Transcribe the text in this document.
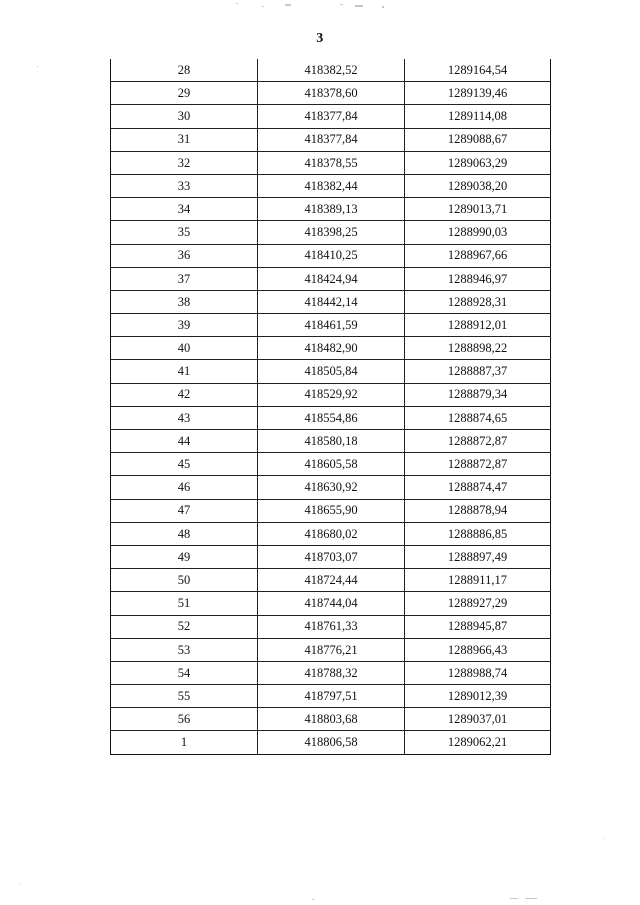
3
28	418382,52	1289164,54
29	418378,60	1289139,46
30	418377,84	1289114,08
31	418377,84	1289088,67
32	418378,55	1289063,29
33	418382,44	1289038,20
34	418389,13	1289013,71
35	418398,25	1288990,03
36	418410,25	1288967,66
37	418424,94	1288946,97
38	418442,14	1288928,31
39	418461,59	1288912,01
40	418482,90	1288898,22
41	418505,84	1288887,37
42	418529,92	1288879,34
43	418554,86	1288874,65
44	418580,18	1288872,87
45	418605,58	1288872,87
46	418630,92	1288874,47
47	418655,90	1288878,94
48	418680,02	1288886,85
49	418703,07	1288897,49
50	418724,44	1288911,17
51	418744,04	1288927,29
52	418761,33	1288945,87
53	418776,21	1288966,43
54	418788,32	1288988,74
55	418797,51	1289012,39
56	418803,68	1289037,01
1	418806,58	1289062,21
